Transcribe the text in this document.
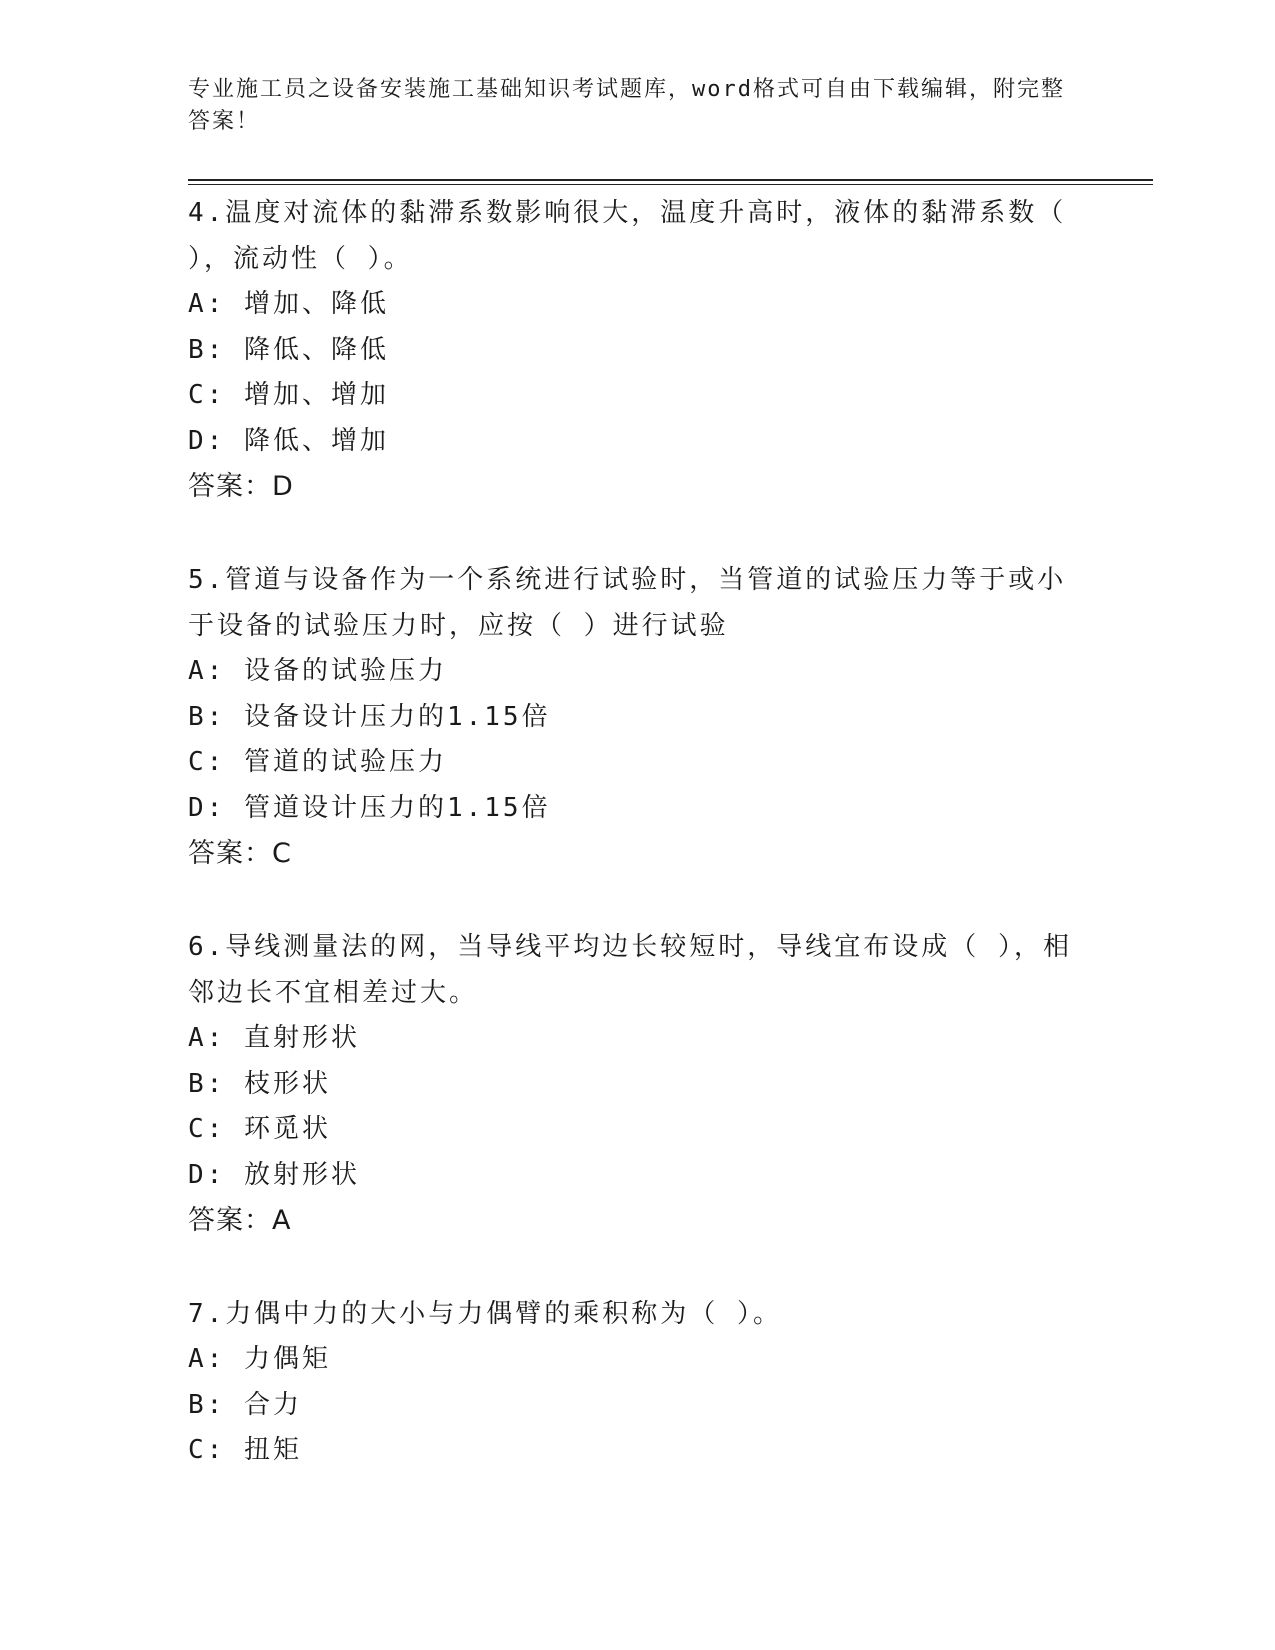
专业施工员之设备安装施工基础知识考试题库，word格式可自由下载编辑，附完整答案！
4.温度对流体的黏滞系数影响很大，温度升高时，液体的黏滞系数（ ），流动性（ ）。
A: 增加、降低
B: 降低、降低
C: 增加、增加
D: 降低、增加
答案：D
5.管道与设备作为一个系统进行试验时，当管道的试验压力等于或小于设备的试验压力时，应按（ ）进行试验
A: 设备的试验压力
B: 设备设计压力的1.15倍
C: 管道的试验压力
D: 管道设计压力的1.15倍
答案：C
6.导线测量法的网，当导线平均边长较短时，导线宜布设成（ ），相邻边长不宜相差过大。
A: 直射形状
B: 枝形状
C: 环觅状
D: 放射形状
答案：A
7.力偶中力的大小与力偶臂的乘积称为（ ）。
A: 力偶矩
B: 合力
C: 扭矩
